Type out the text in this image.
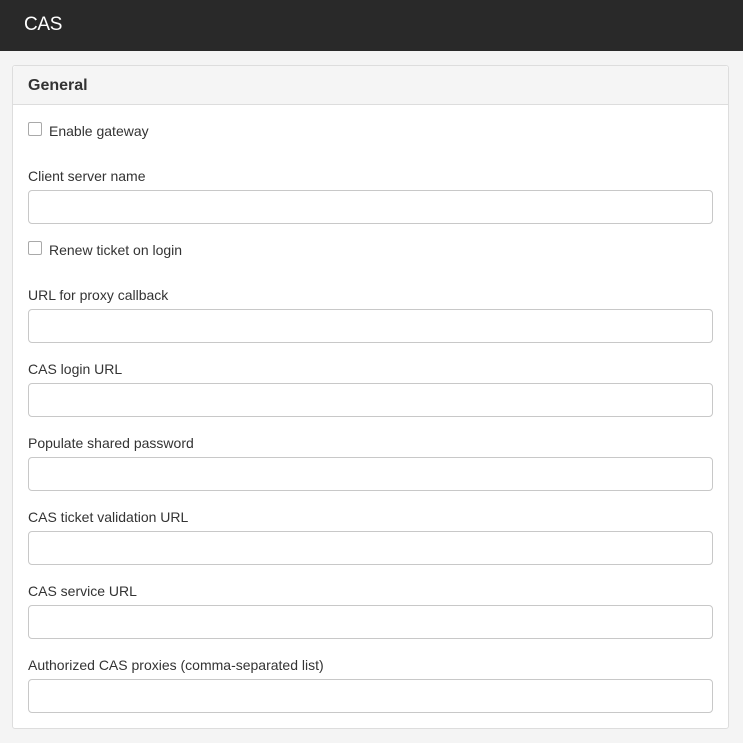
CAS
General
Enable gateway
Client server name
Renew ticket on login
URL for proxy callback
CAS login URL
Populate shared password
CAS ticket validation URL
CAS service URL
Authorized CAS proxies (comma-separated list)
